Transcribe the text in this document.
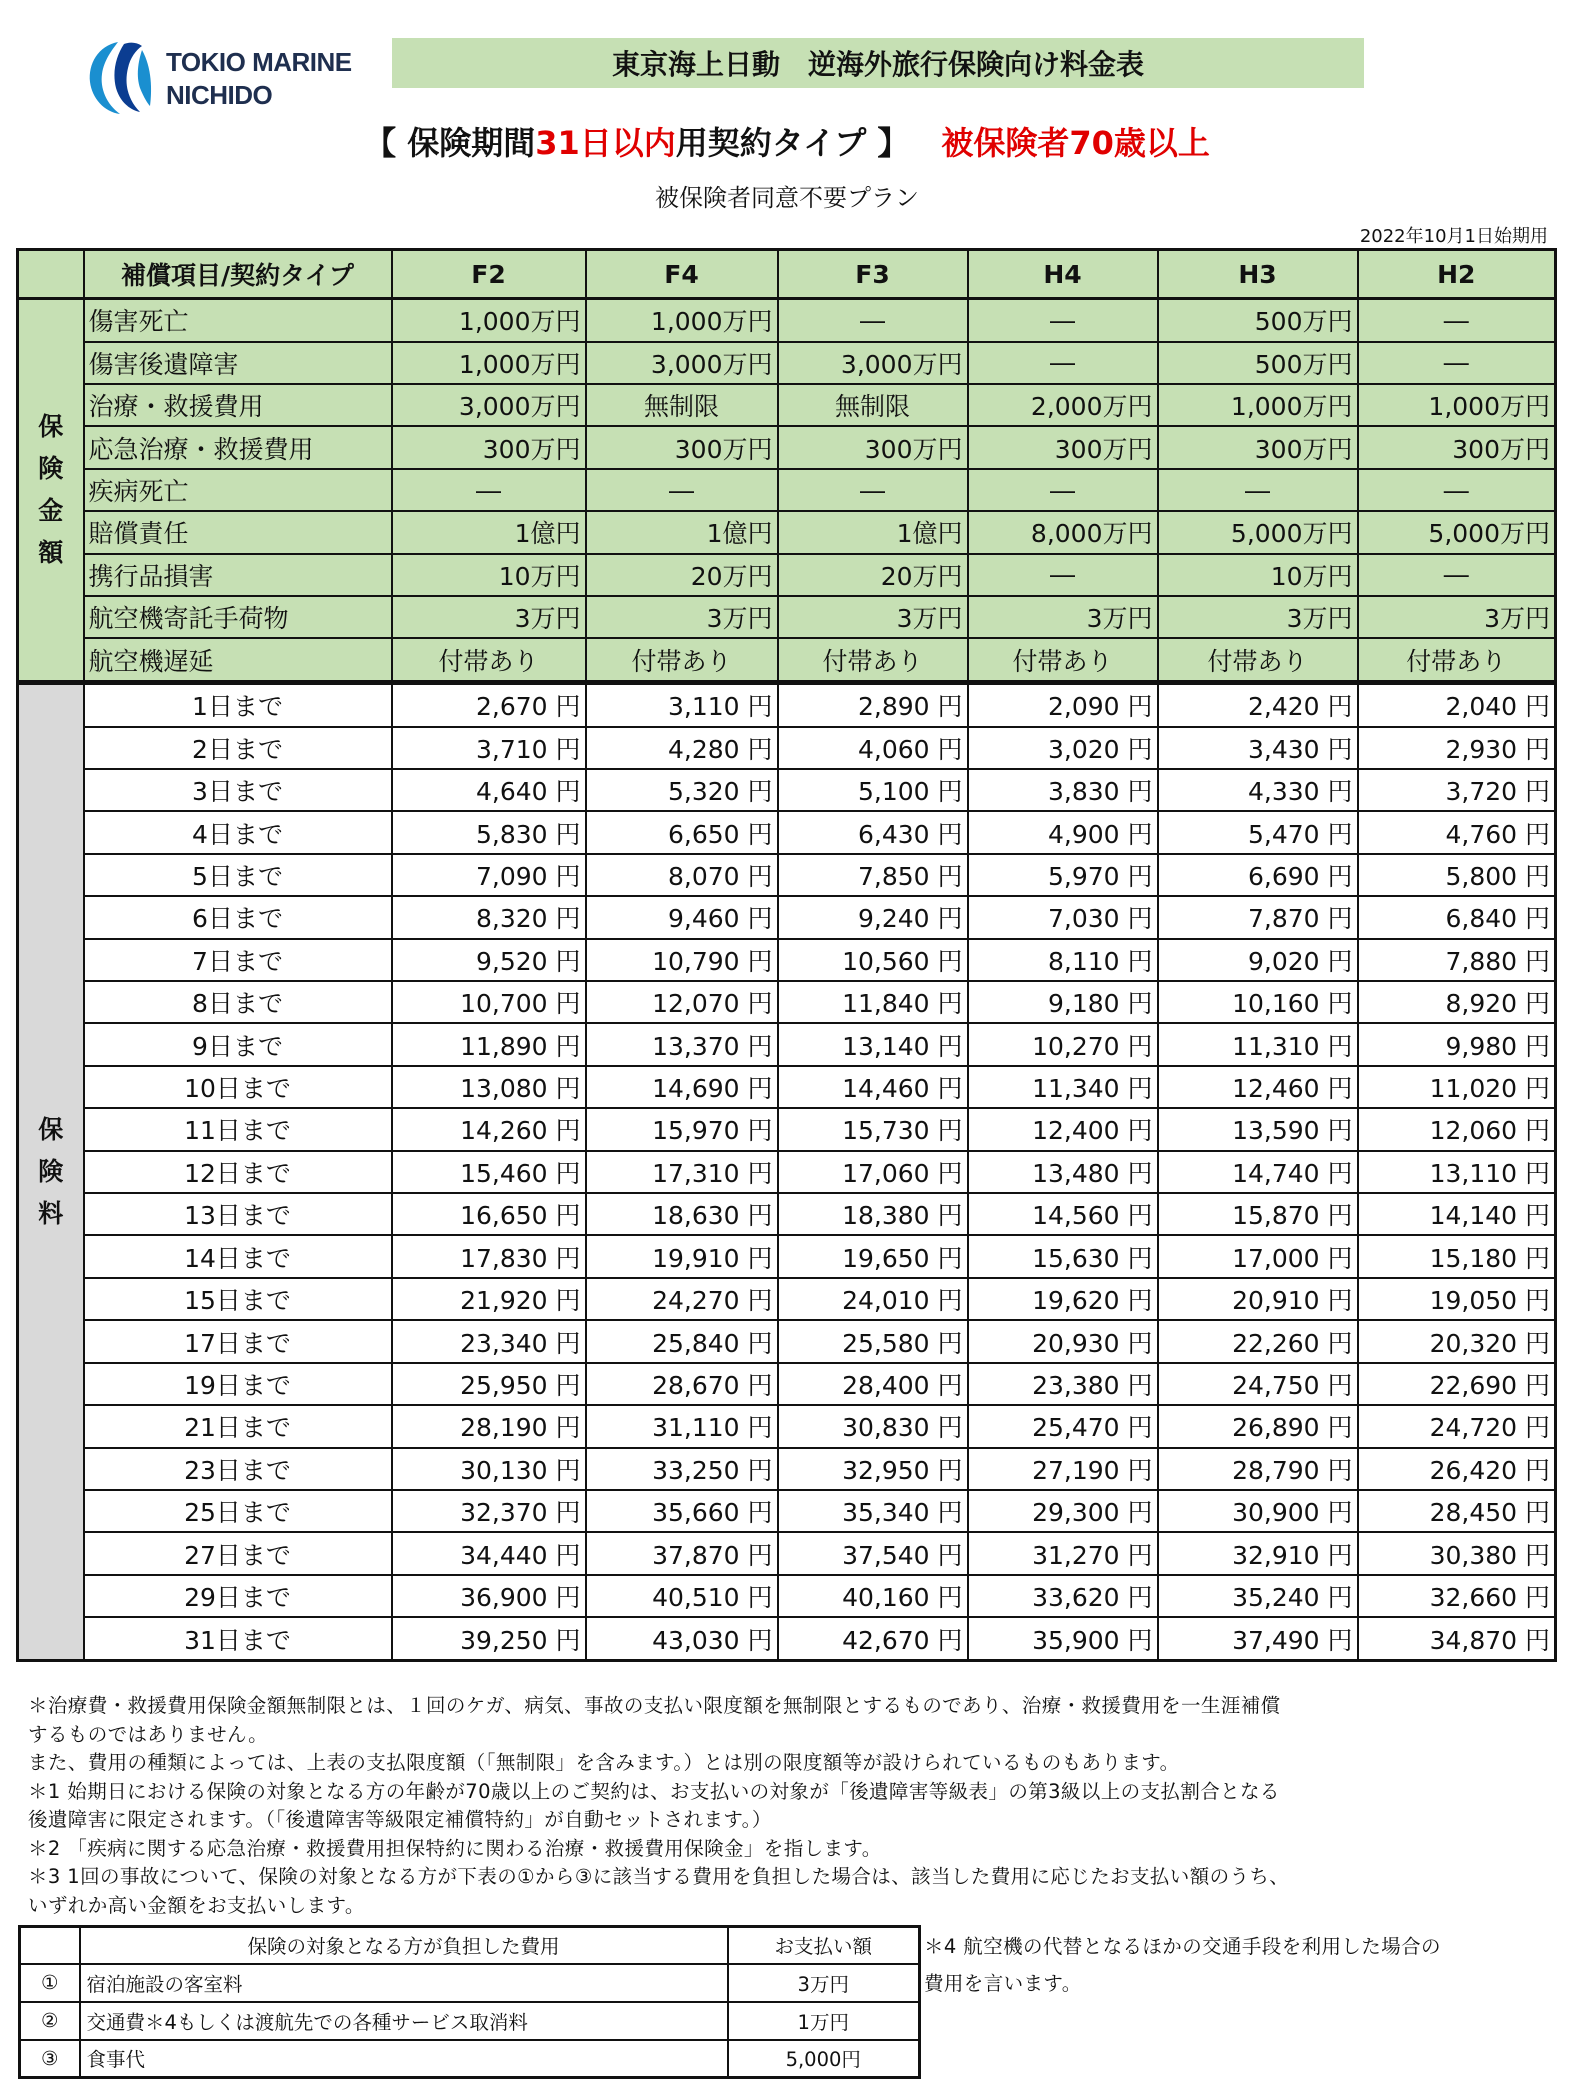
TOKIO MARINE
NICHIDO
東京海上日動　逆海外旅行保険向け料金表
【 保険期間31日以内用契約タイプ 】  被保険者70歳以上
被保険者同意不要プラン
2022年10月1日始期用
	補償項目/契約タイプ	F2	F4	F3	H4	H3	H2

保
険
金
額	傷害死亡	1,000万円	1,000万円	―	―	500万円	―
	傷害後遺障害	1,000万円	3,000万円	3,000万円	―	500万円	―
	治療・救援費用	3,000万円	無制限	無制限	2,000万円	1,000万円	1,000万円
	応急治療・救援費用	300万円	300万円	300万円	300万円	300万円	300万円
	疾病死亡	―	―	―	―	―	―
	賠償責任	1億円	1億円	1億円	8,000万円	5,000万円	5,000万円
	携行品損害	10万円	20万円	20万円	―	10万円	―
	航空機寄託手荷物	3万円	3万円	3万円	3万円	3万円	3万円
	航空機遅延	付帯あり	付帯あり	付帯あり	付帯あり	付帯あり	付帯あり

保
険
料	1日まで	2,670 円	3,110 円	2,890 円	2,090 円	2,420 円	2,040 円
	2日まで	3,710 円	4,280 円	4,060 円	3,020 円	3,430 円	2,930 円
	3日まで	4,640 円	5,320 円	5,100 円	3,830 円	4,330 円	3,720 円
	4日まで	5,830 円	6,650 円	6,430 円	4,900 円	5,470 円	4,760 円
	5日まで	7,090 円	8,070 円	7,850 円	5,970 円	6,690 円	5,800 円
	6日まで	8,320 円	9,460 円	9,240 円	7,030 円	7,870 円	6,840 円
	7日まで	9,520 円	10,790 円	10,560 円	8,110 円	9,020 円	7,880 円
	8日まで	10,700 円	12,070 円	11,840 円	9,180 円	10,160 円	8,920 円
	9日まで	11,890 円	13,370 円	13,140 円	10,270 円	11,310 円	9,980 円
	10日まで	13,080 円	14,690 円	14,460 円	11,340 円	12,460 円	11,020 円
	11日まで	14,260 円	15,970 円	15,730 円	12,400 円	13,590 円	12,060 円
	12日まで	15,460 円	17,310 円	17,060 円	13,480 円	14,740 円	13,110 円
	13日まで	16,650 円	18,630 円	18,380 円	14,560 円	15,870 円	14,140 円
	14日まで	17,830 円	19,910 円	19,650 円	15,630 円	17,000 円	15,180 円
	15日まで	21,920 円	24,270 円	24,010 円	19,620 円	20,910 円	19,050 円
	17日まで	23,340 円	25,840 円	25,580 円	20,930 円	22,260 円	20,320 円
	19日まで	25,950 円	28,670 円	28,400 円	23,380 円	24,750 円	22,690 円
	21日まで	28,190 円	31,110 円	30,830 円	25,470 円	26,890 円	24,720 円
	23日まで	30,130 円	33,250 円	32,950 円	27,190 円	28,790 円	26,420 円
	25日まで	32,370 円	35,660 円	35,340 円	29,300 円	30,900 円	28,450 円
	27日まで	34,440 円	37,870 円	37,540 円	31,270 円	32,910 円	30,380 円
	29日まで	36,900 円	40,510 円	40,160 円	33,620 円	35,240 円	32,660 円
	31日まで	39,250 円	43,030 円	42,670 円	35,900 円	37,490 円	34,870 円
＊治療費・救援費用保険金額無制限とは、１回のケガ、病気、事故の支払い限度額を無制限とするものであり、治療・救援費用を一生涯補償
するものではありません。
また、費用の種類によっては、上表の支払限度額（「無制限」を含みます。）とは別の限度額等が設けられているものもあります。
＊1 始期日における保険の対象となる方の年齢が70歳以上のご契約は、お支払いの対象が「後遺障害等級表」の第3級以上の支払割合となる
後遺障害に限定されます。（「後遺障害等級限定補償特約」が自動セットされます。）
＊2 「疾病に関する応急治療・救援費用担保特約に関わる治療・救援費用保険金」を指します。
＊3 1回の事故について、保険の対象となる方が下表の①から③に該当する費用を負担した場合は、該当した費用に応じたお支払い額のうち、
いずれか高い金額をお支払いします。
	保険の対象となる方が負担した費用	お支払い額
①	宿泊施設の客室料	3万円
②	交通費＊4もしくは渡航先での各種サービス取消料	1万円
③	食事代	5,000円
＊4 航空機の代替となるほかの交通手段を利用した場合の
費用を言います。
